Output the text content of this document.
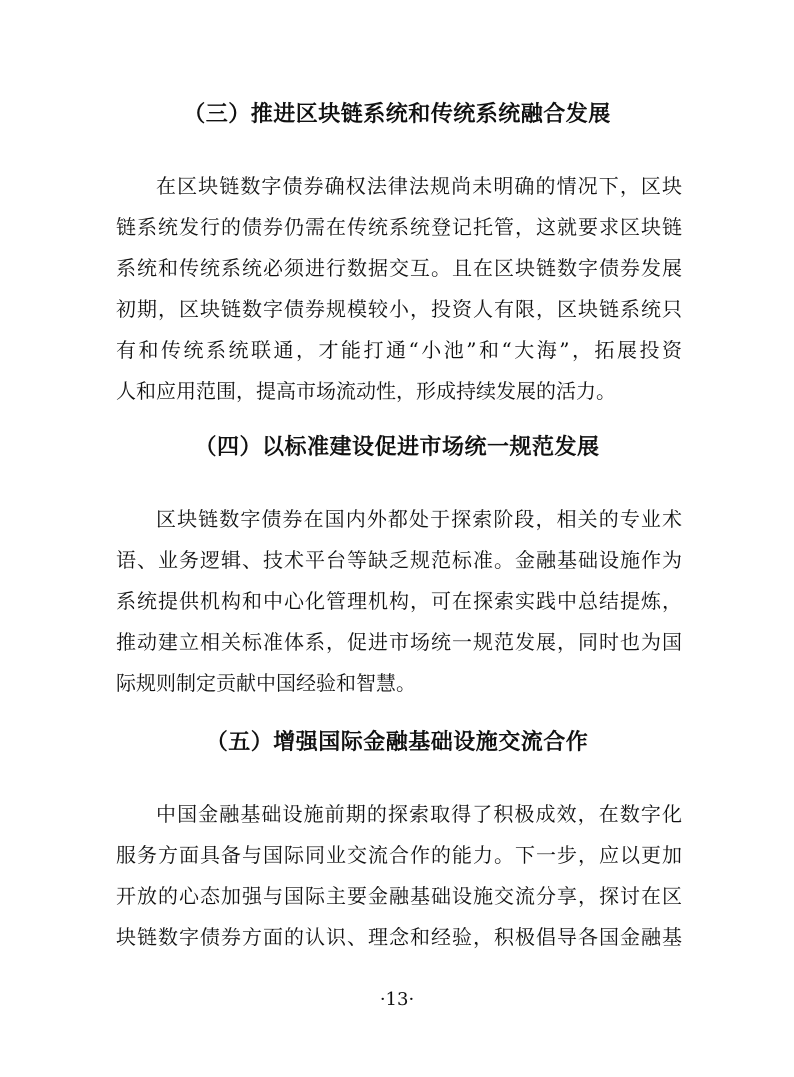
（三）推进区块链系统和传统系统融合发展
在区块链数字债券确权法律法规尚未明确的情况下，区块
链系统发行的债券仍需在传统系统登记托管，这就要求区块链
系统和传统系统必须进行数据交互。且在区块链数字债券发展
初期，区块链数字债券规模较小，投资人有限，区块链系统只
有和传统系统联通，才能打通“小池”和“大海”，拓展投资
人和应用范围，提高市场流动性，形成持续发展的活力。
（四）以标准建设促进市场统一规范发展
区块链数字债券在国内外都处于探索阶段，相关的专业术
语、业务逻辑、技术平台等缺乏规范标准。金融基础设施作为
系统提供机构和中心化管理机构，可在探索实践中总结提炼，
推动建立相关标准体系，促进市场统一规范发展，同时也为国
际规则制定贡献中国经验和智慧。
（五）增强国际金融基础设施交流合作
中国金融基础设施前期的探索取得了积极成效，在数字化
服务方面具备与国际同业交流合作的能力。下一步，应以更加
开放的心态加强与国际主要金融基础设施交流分享，探讨在区
块链数字债券方面的认识、理念和经验，积极倡导各国金融基
·13·
